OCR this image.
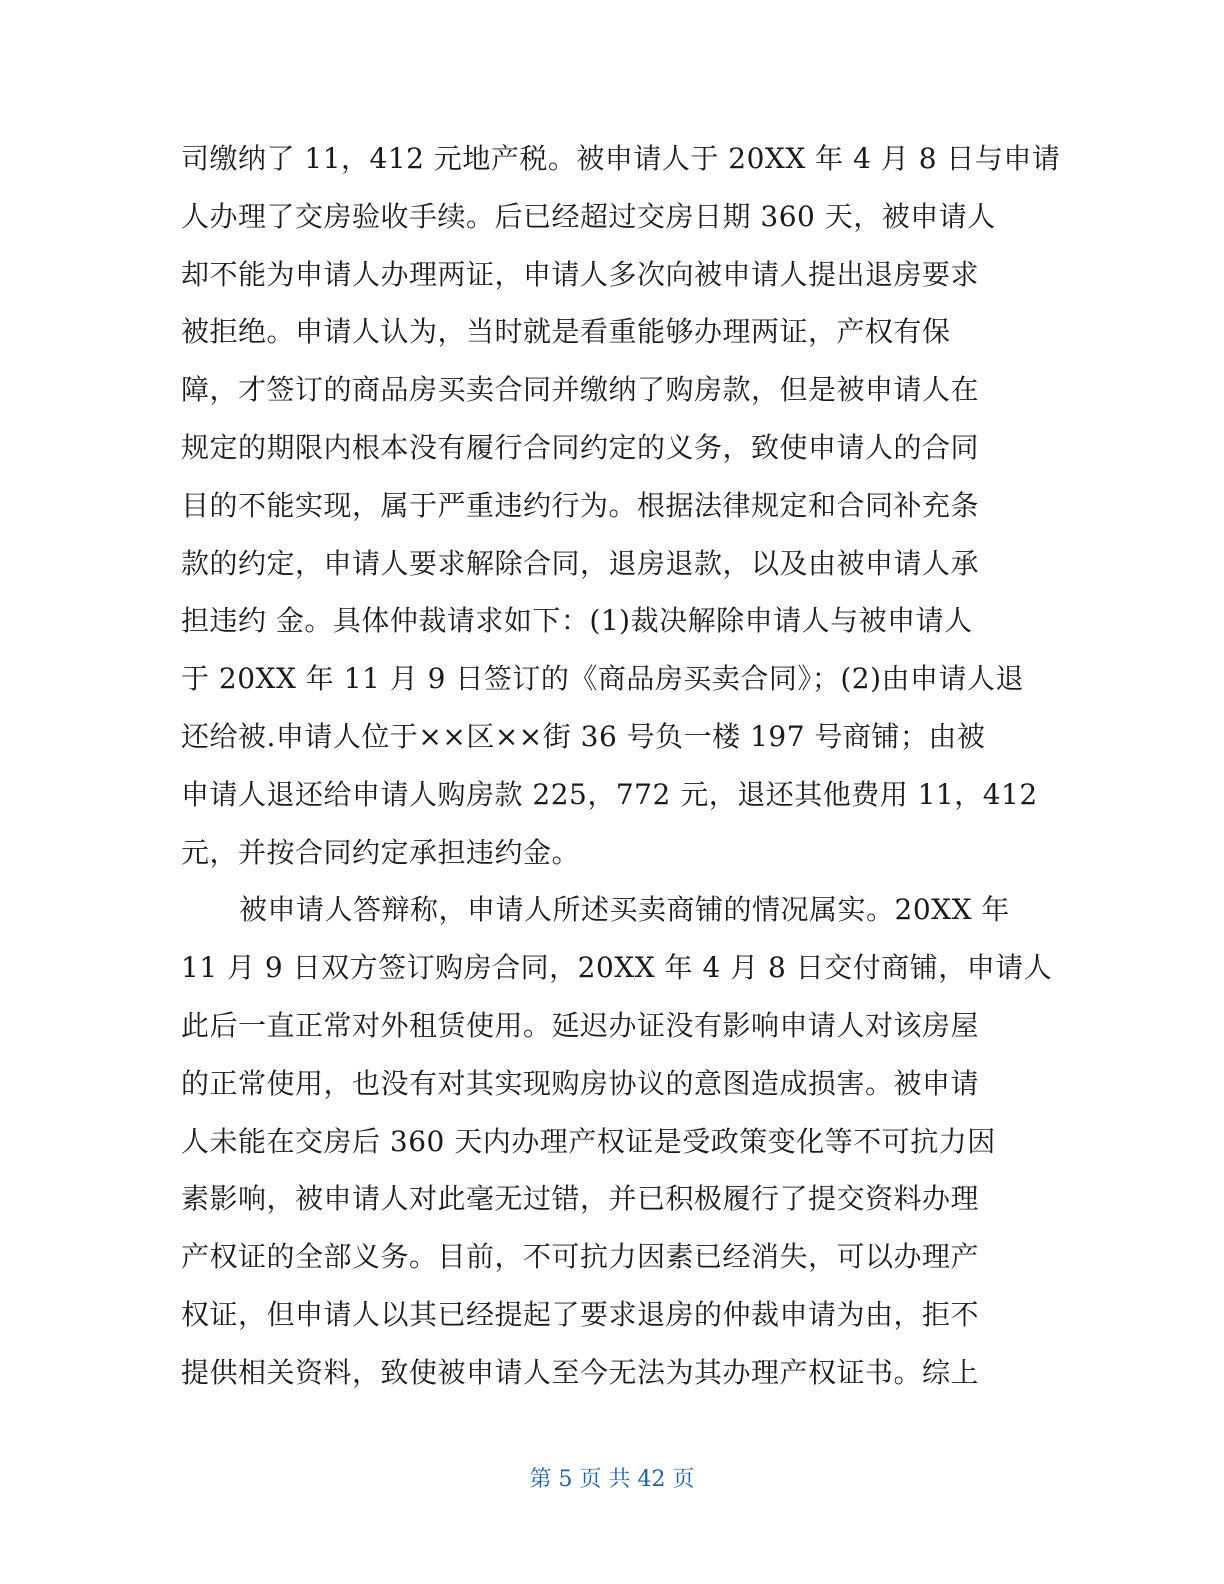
司缴纳了 11，412 元地产税。被申请人于 20XX 年 4 月 8 日与申请
人办理了交房验收手续。后已经超过交房日期 360 天，被申请人
却不能为申请人办理两证，申请人多次向被申请人提出退房要求
被拒绝。申请人认为，当时就是看重能够办理两证，产权有保
障，才签订的商品房买卖合同并缴纳了购房款，但是被申请人在
规定的期限内根本没有履行合同约定的义务，致使申请人的合同
目的不能实现，属于严重违约行为。根据法律规定和合同补充条
款的约定，申请人要求解除合同，退房退款，以及由被申请人承
担违约 金。具体仲裁请求如下：(1)裁决解除申请人与被申请人
于 20XX 年 11 月 9 日签订的《商品房买卖合同》；(2)由申请人退
还给被.申请人位于××区××街 36 号负一楼 197 号商铺；由被
申请人退还给申请人购房款 225，772 元，退还其他费用 11，412
元，并按合同约定承担违约金。
被申请人答辩称，申请人所述买卖商铺的情况属实。20XX 年
11 月 9 日双方签订购房合同，20XX 年 4 月 8 日交付商铺，申请人
此后一直正常对外租赁使用。延迟办证没有影响申请人对该房屋
的正常使用，也没有对其实现购房协议的意图造成损害。被申请
人未能在交房后 360 天内办理产权证是受政策变化等不可抗力因
素影响，被申请人对此毫无过错，并已积极履行了提交资料办理
产权证的全部义务。目前，不可抗力因素已经消失，可以办理产
权证，但申请人以其已经提起了要求退房的仲裁申请为由，拒不
提供相关资料，致使被申请人至今无法为其办理产权证书。综上
第 5 页 共 42 页
